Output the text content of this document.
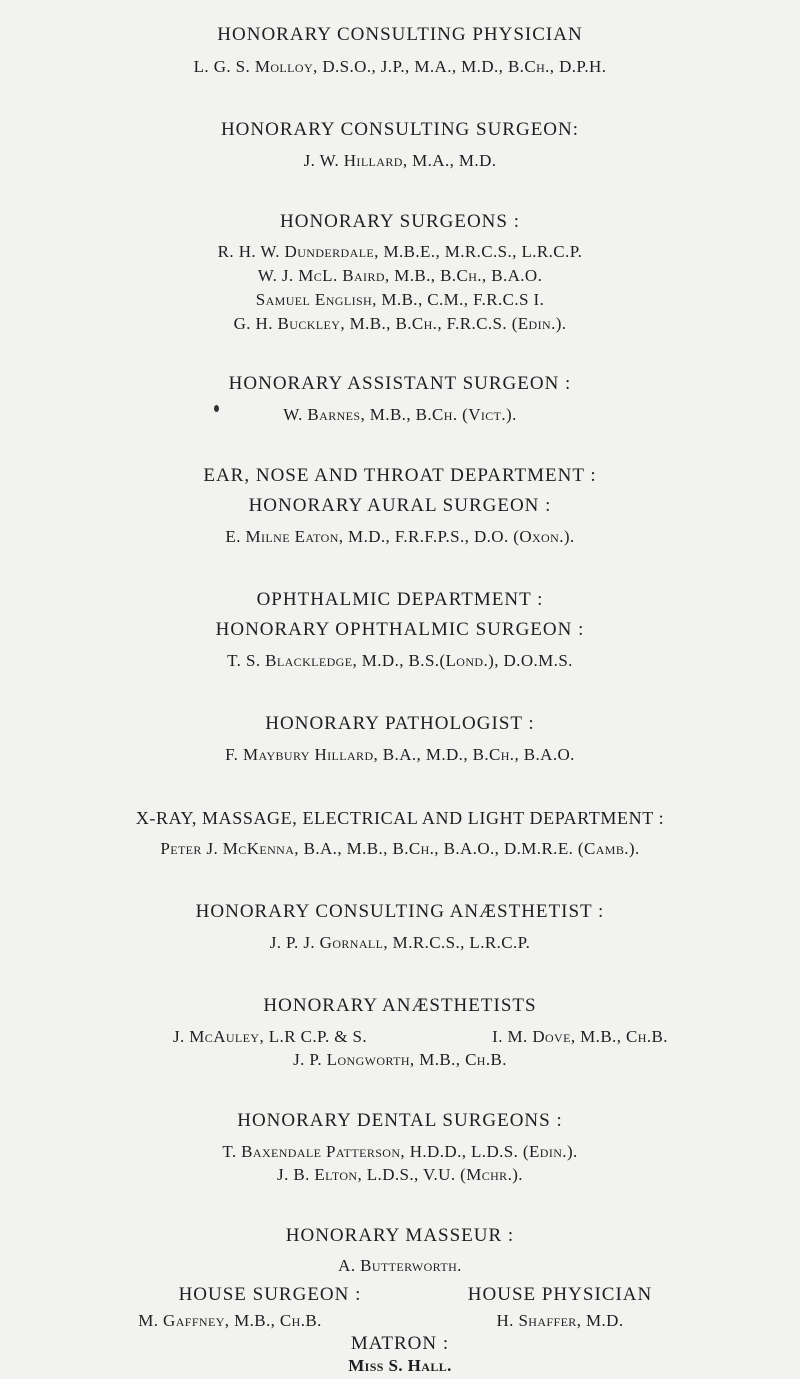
HONORARY CONSULTING PHYSICIAN
L. G. S. Molloy, D.S.O., J.P., M.A., M.D., B.Ch., D.P.H.
HONORARY CONSULTING SURGEON:
J. W. Hillard, M.A., M.D.
HONORARY SURGEONS :
R. H. W. Dunderdale, M.B.E., M.R.C.S., L.R.C.P.
W. J. McL. Baird, M.B., B.Ch., B.A.O.
Samuel English, M.B., C.M., F.R.C.S I.
G. H. Buckley, M.B., B.Ch., F.R.C.S. (Edin.).
HONORARY ASSISTANT SURGEON :
W. Barnes, M.B., B.Ch. (Vict.).
EAR, NOSE AND THROAT DEPARTMENT :
HONORARY AURAL SURGEON :
E. Milne Eaton, M.D., F.R.F.P.S., D.O. (Oxon.).
OPHTHALMIC DEPARTMENT :
HONORARY OPHTHALMIC SURGEON :
T. S. Blackledge, M.D., B.S.(Lond.), D.O.M.S.
HONORARY PATHOLOGIST :
F. Maybury Hillard, B.A., M.D., B.Ch., B.A.O.
X-RAY, MASSAGE, ELECTRICAL AND LIGHT DEPARTMENT :
Peter J. McKenna, B.A., M.B., B.Ch., B.A.O., D.M.R.E. (Camb.).
HONORARY CONSULTING ANÆSTHETIST :
J. P. J. Gornall, M.R.C.S., L.R.C.P.
HONORARY ANÆSTHETISTS
J. McAuley, L.R C.P. & S.	I. M. Dove, M.B., Ch.B.
J. P. Longworth, M.B., Ch.B.
HONORARY DENTAL SURGEONS :
T. Baxendale Patterson, H.D.D., L.D.S. (Edin.).
J. B. Elton, L.D.S., V.U. (Mchr.).
HONORARY MASSEUR :
A. Butterworth.
HOUSE SURGEON :	HOUSE PHYSICIAN
M. Gaffney, M.B., Ch.B.	H. Shaffer, M.D.
MATRON :
Miss S. Hall.
